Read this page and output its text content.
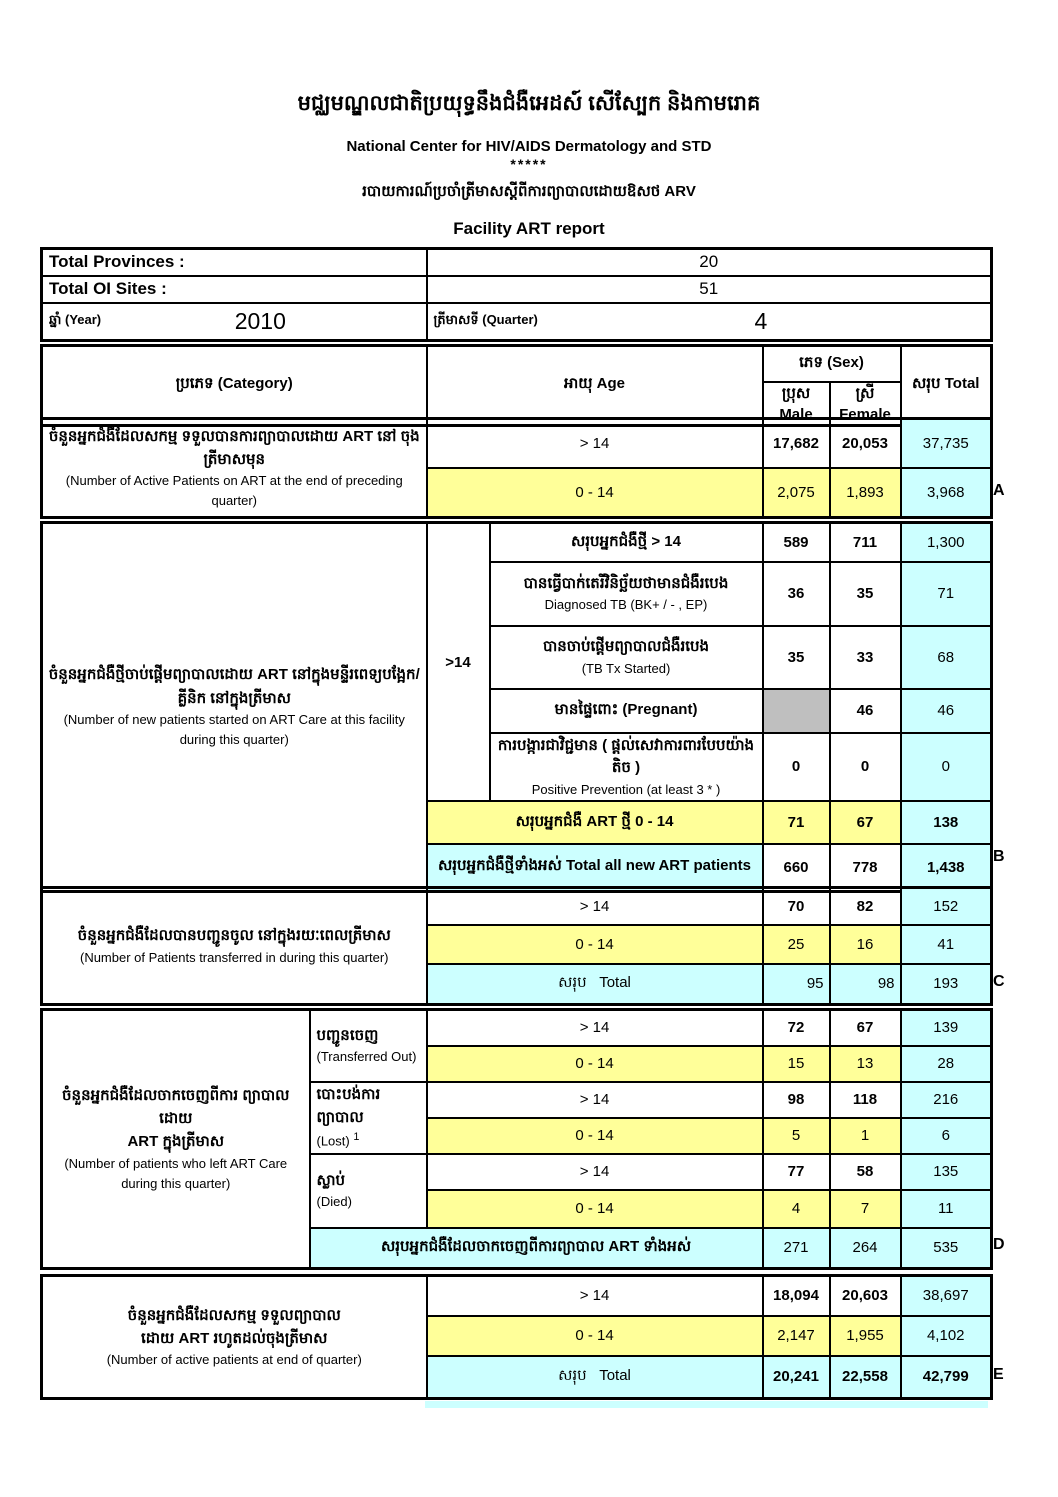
មជ្ឈមណ្ឌលជាតិប្រយុទ្ធនឹងជំងឺអេដស៍ សើស្បែក និងកាមរោគ
National Center for HIV/AIDS Dermatology and STD
*****
របាយការណ៍ប្រចាំត្រីមាសស្តីពីការព្យាបាលដោយឱសថ ARV
Facility ART report
Total Provinces :	20
Total OI Sites :	51

ឆ្នាំ (Year) 2010	ត្រីមាសទី (Quarter) 4
ប្រភេទ (Category)	អាយុ Age	ភេទ (Sex)		សរុប Total
		ប្រុស Male	ស្រី Female	
ចំនួនអ្នកជំងឺដែលសកម្ម ទទួលបានការព្យាបាលដោយ ART នៅ ចុងត្រីមាសមុន
(Number of Active Patients on ART at the end of preceding quarter)	> 14	17,682	20,053	37,735
	0 - 14	2,075	1,893	3,968 A
ចំនួនអ្នកជំងឺថ្មីចាប់ផ្តើមព្យាបាលដោយ ART នៅក្នុងមន្ទីរពេទ្យបង្អែក/ គ្លីនិក នៅក្នុងត្រីមាស
(Number of new patients started on ART Care at this facility during this quarter)	>14	សរុបអ្នកជំងឺថ្មី > 14	589	711	1,300

		បានធ្វើបាក់តេរីវិនិច្ឆ័យថាមានជំងឺរបេង
Diagnosed TB (BK+ / - , EP)	36	35	71

		បានចាប់ផ្តើមព្យាបាលជំងឺរបេង
(TB Tx Started)	35	33	68

		មានផ្ទៃពោះ (Pregnant)		46	46

		ការបង្ការជាវិជ្ជមាន ( ផ្តល់សេវាការពារបែបយ៉ាងតិច )
Positive Prevention (at least 3 * )	0	0	0
	សរុបអ្នកជំងឺ ART ថ្មី 0 - 14		71	67	138
	សរុបអ្នកជំងឺថ្មីទាំងអស់ Total all new ART patients		660	778	1,438
B
ចំនួនអ្នកជំងឺដែលបានបញ្ជូនចូល នៅក្នុងរយៈពេលត្រីមាស
(Number of Patients transferred in during this quarter)	> 14	70	82	152
	0 - 14	25	16	41
	សរុប Total	95	98	193 C
ចំនួនអ្នកជំងឺដែលចាកចេញពីការ ព្យាបាលដោយ
ART ក្នុងត្រីមាស
(Number of patients who left ART Care during this quarter)	បញ្ជូនចេញ
(Transferred Out)	> 14	72	67	139
		0 - 14	15	13	28

	បោះបង់ការព្យាបាល
(Lost) $^1$	> 14	98	118	216
		0 - 14	5	1	6

	ស្លាប់
(Died)	> 14	77	58	135
		0 - 14	4	7	11
	សរុបអ្នកជំងឺដែលចាកចេញពីការព្យាបាល ART ទាំងអស់		271	264	535 D
ចំនួនអ្នកជំងឺដែលសកម្ម ទទួលព្យាបាល
ដោយ ART រហូតដល់ចុងត្រីមាស
(Number of active patients at end of quarter)	> 14	18,094	20,603	38,697
	0 - 14	2,147	1,955	4,102
	សរុប Total	20,241	22,558	42,799 E
